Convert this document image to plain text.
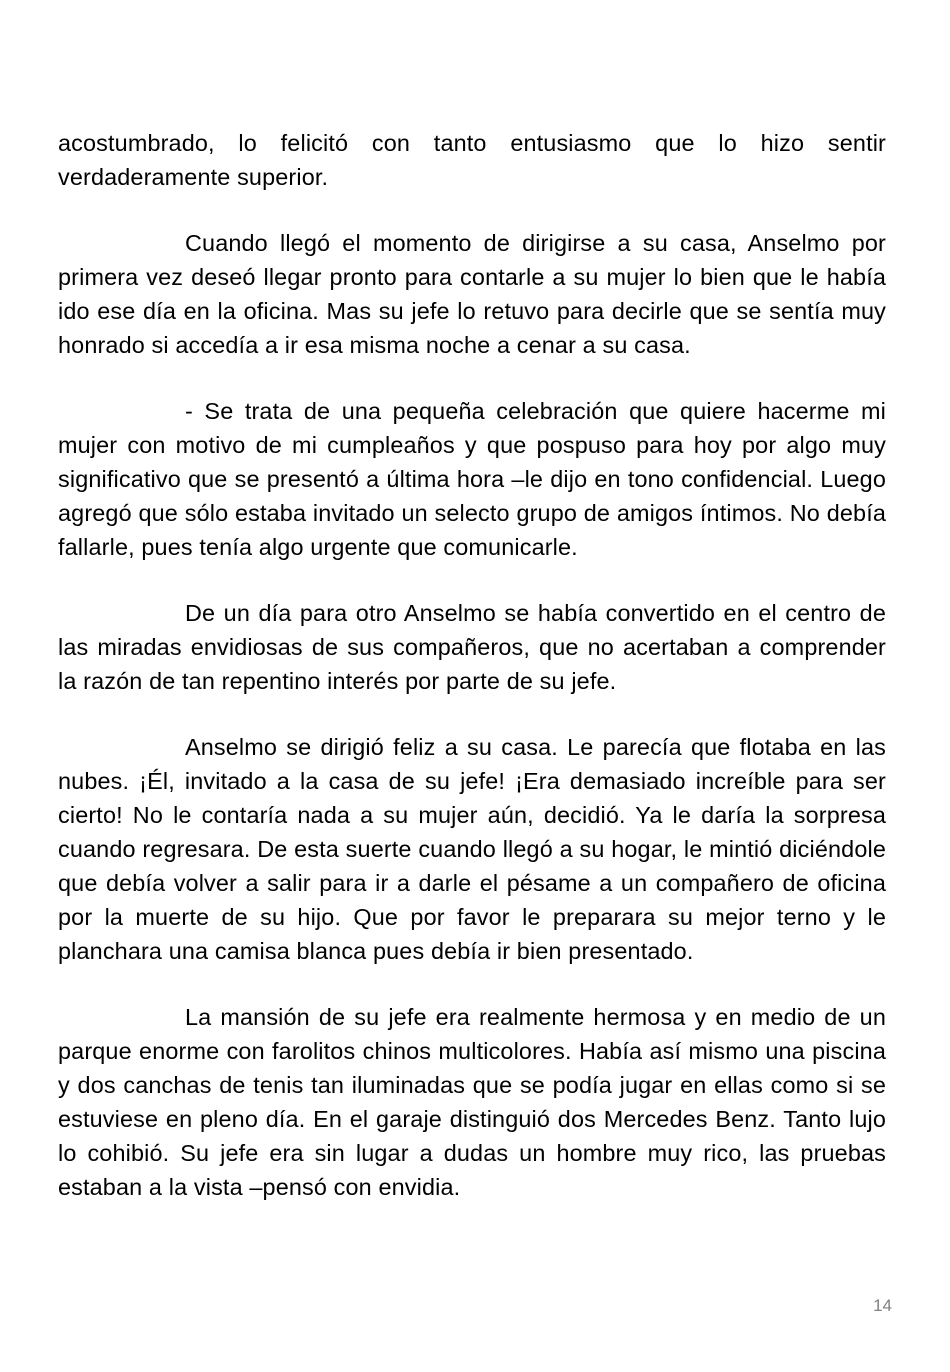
acostumbrado, lo felicitó con tanto entusiasmo que lo hizo sentir verdaderamente superior.

Cuando llegó el momento de dirigirse a su casa, Anselmo por primera vez deseó llegar pronto para contarle a su mujer lo bien que le había ido ese día en la oficina. Mas su jefe lo retuvo para decirle que se sentía muy honrado si accedía a ir esa misma noche a cenar a su casa.

- Se trata de una pequeña celebración que quiere hacerme mi mujer con motivo de mi cumpleaños y que pospuso para hoy por algo muy significativo que se presentó a última hora –le dijo en tono confidencial. Luego agregó que sólo estaba invitado un selecto grupo de amigos íntimos. No debía fallarle, pues tenía algo urgente que comunicarle.

De un día para otro Anselmo se había convertido en el centro de las miradas envidiosas de sus compañeros, que no acertaban a comprender la razón de tan repentino interés por parte de su jefe.

Anselmo se dirigió feliz a su casa. Le parecía que flotaba en las nubes. ¡Él, invitado a la casa de su jefe! ¡Era demasiado increíble para ser cierto! No le contaría nada a su mujer aún, decidió. Ya le daría la sorpresa cuando regresara. De esta suerte cuando llegó a su hogar, le mintió diciéndole que debía volver a salir para ir a darle el pésame a un compañero de oficina por la muerte de su hijo. Que por favor le preparara su mejor terno y le planchara una camisa blanca pues debía ir bien presentado.

La mansión de su jefe era realmente hermosa y en medio de un parque enorme con farolitos chinos multicolores. Había así mismo una piscina y dos canchas de tenis tan iluminadas que se podía jugar en ellas como si se estuviese en pleno día. En el garaje distinguió dos Mercedes Benz. Tanto lujo lo cohibió. Su jefe era sin lugar a dudas un hombre muy rico, las pruebas estaban a la vista –pensó con envidia.

14
